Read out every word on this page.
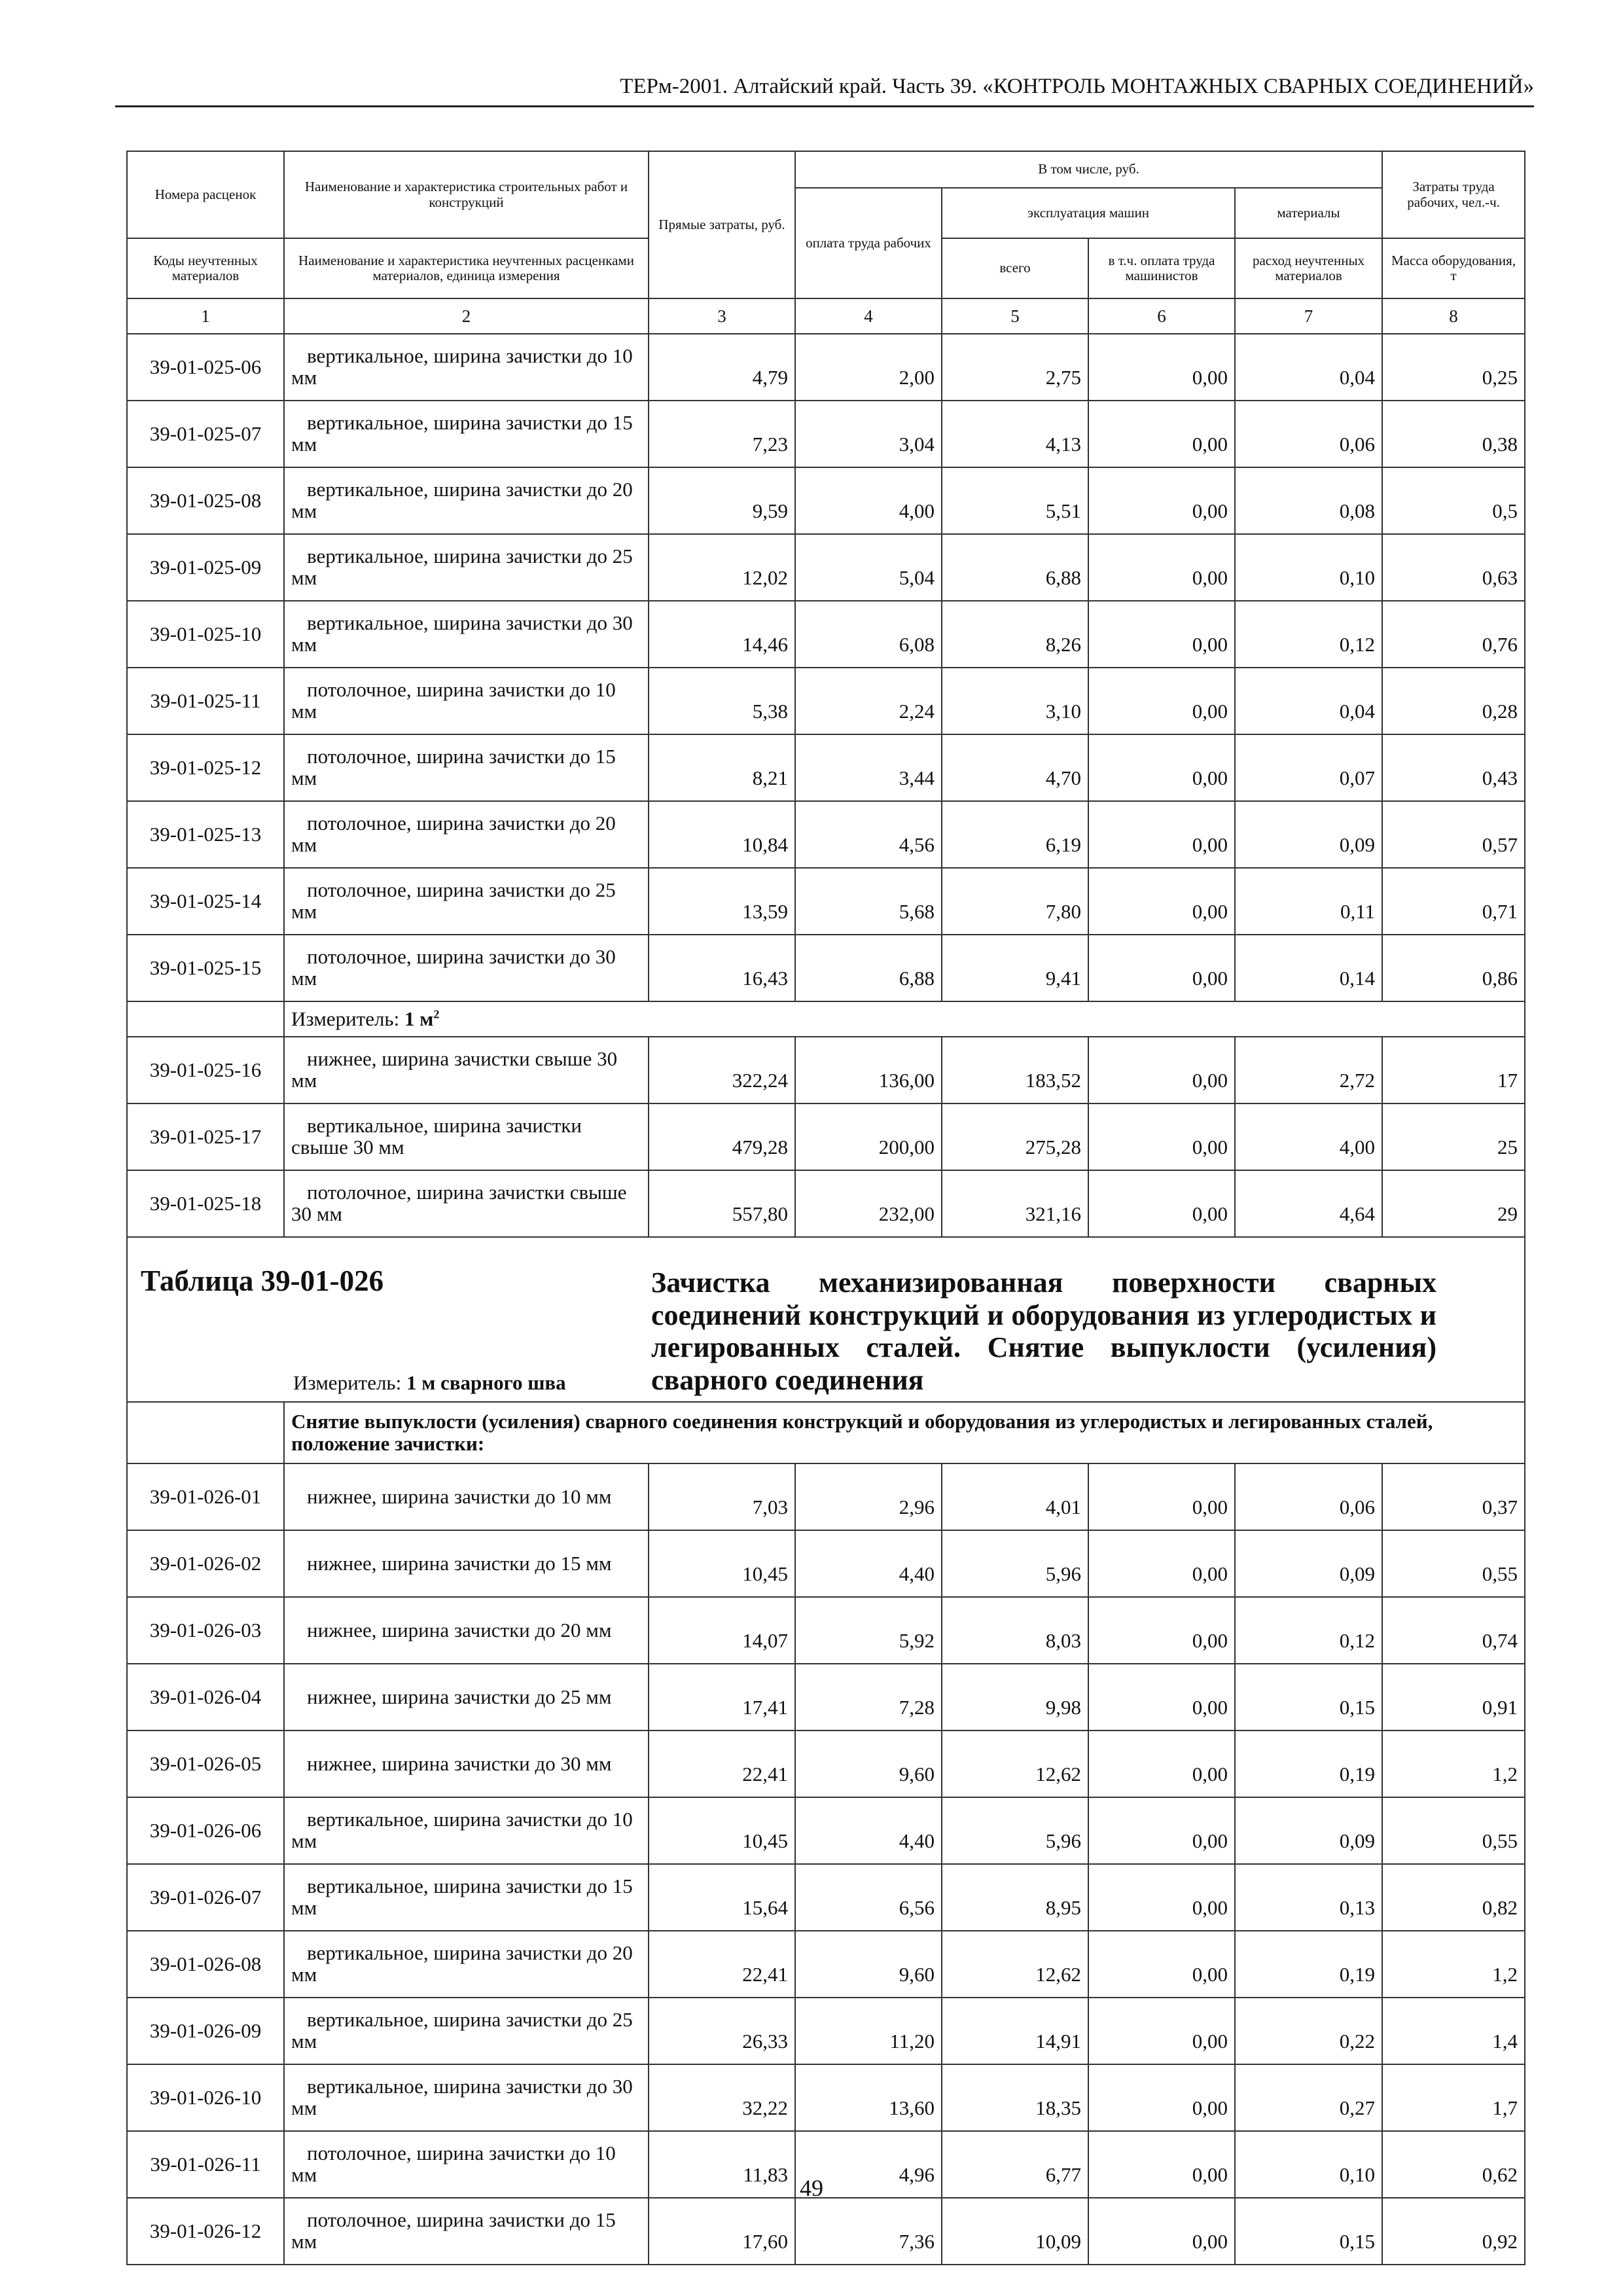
ТЕРм-2001. Алтайский край. Часть 39. «КОНТРОЛЬ МОНТАЖНЫХ СВАРНЫХ СОЕДИНЕНИЙ»
Номера расценок	Наименование и характеристика строительных работ и конструкций	Прямые затраты, руб.	В том числе, руб.				Затраты труда рабочих, чел.-ч.
			оплата труда рабочих	эксплуатация машин		материалы	
Коды неучтенных материалов	Наименование и характеристика неучтенных расценками материалов, единица измерения			всего	в т.ч. оплата труда машинистов	расход неучтенных материалов	Масса оборудования, т
1	2	3	4	5	6	7	8
39-01-025-06	вертикальное, ширина зачистки до 10 мм	4,79	2,00	2,75	0,00	0,04	0,25
39-01-025-07	вертикальное, ширина зачистки до 15 мм	7,23	3,04	4,13	0,00	0,06	0,38
39-01-025-08	вертикальное, ширина зачистки до 20 мм	9,59	4,00	5,51	0,00	0,08	0,5
39-01-025-09	вертикальное, ширина зачистки до 25 мм	12,02	5,04	6,88	0,00	0,10	0,63
39-01-025-10	вертикальное, ширина зачистки до 30 мм	14,46	6,08	8,26	0,00	0,12	0,76
39-01-025-11	потолочное, ширина зачистки до 10 мм	5,38	2,24	3,10	0,00	0,04	0,28
39-01-025-12	потолочное, ширина зачистки до 15 мм	8,21	3,44	4,70	0,00	0,07	0,43
39-01-025-13	потолочное, ширина зачистки до 20 мм	10,84	4,56	6,19	0,00	0,09	0,57
39-01-025-14	потолочное, ширина зачистки до 25 мм	13,59	5,68	7,80	0,00	0,11	0,71
39-01-025-15	потолочное, ширина зачистки до 30 мм	16,43	6,88	9,41	0,00	0,14	0,86
	Измеритель: 1 $м^2$
39-01-025-16	нижнее, ширина зачистки свыше 30 мм	322,24	136,00	183,52	0,00	2,72	17
39-01-025-17	вертикальное, ширина зачистки свыше 30 мм	479,28	200,00	275,28	0,00	4,00	25
39-01-025-18	потолочное, ширина зачистки свыше 30 мм	557,80	232,00	321,16	0,00	4,64	29

Таблица 39-01-026 Зачистка механизированная поверхности сварных соединений конструкций и оборудования из углеродистых и легированных сталей. Снятие выпуклости (усиления) сварного соединения
Измеритель: 1 м сварного шва							

	Снятие выпуклости (усиления) сварного соединения конструкций и оборудования из углеродистых и легированных сталей, положение зачистки:						
39-01-026-01	нижнее, ширина зачистки до 10 мм	7,03	2,96	4,01	0,00	0,06	0,37
39-01-026-02	нижнее, ширина зачистки до 15 мм	10,45	4,40	5,96	0,00	0,09	0,55
39-01-026-03	нижнее, ширина зачистки до 20 мм	14,07	5,92	8,03	0,00	0,12	0,74
39-01-026-04	нижнее, ширина зачистки до 25 мм	17,41	7,28	9,98	0,00	0,15	0,91
39-01-026-05	нижнее, ширина зачистки до 30 мм	22,41	9,60	12,62	0,00	0,19	1,2
39-01-026-06	вертикальное, ширина зачистки до 10 мм	10,45	4,40	5,96	0,00	0,09	0,55
39-01-026-07	вертикальное, ширина зачистки до 15 мм	15,64	6,56	8,95	0,00	0,13	0,82
39-01-026-08	вертикальное, ширина зачистки до 20 мм	22,41	9,60	12,62	0,00	0,19	1,2
39-01-026-09	вертикальное, ширина зачистки до 25 мм	26,33	11,20	14,91	0,00	0,22	1,4
39-01-026-10	вертикальное, ширина зачистки до 30 мм	32,22	13,60	18,35	0,00	0,27	1,7
39-01-026-11	потолочное, ширина зачистки до 10 мм	11,83	4,96	6,77	0,00	0,10	0,62
39-01-026-12	потолочное, ширина зачистки до 15 мм	17,60	7,36	10,09	0,00	0,15	0,92
49
